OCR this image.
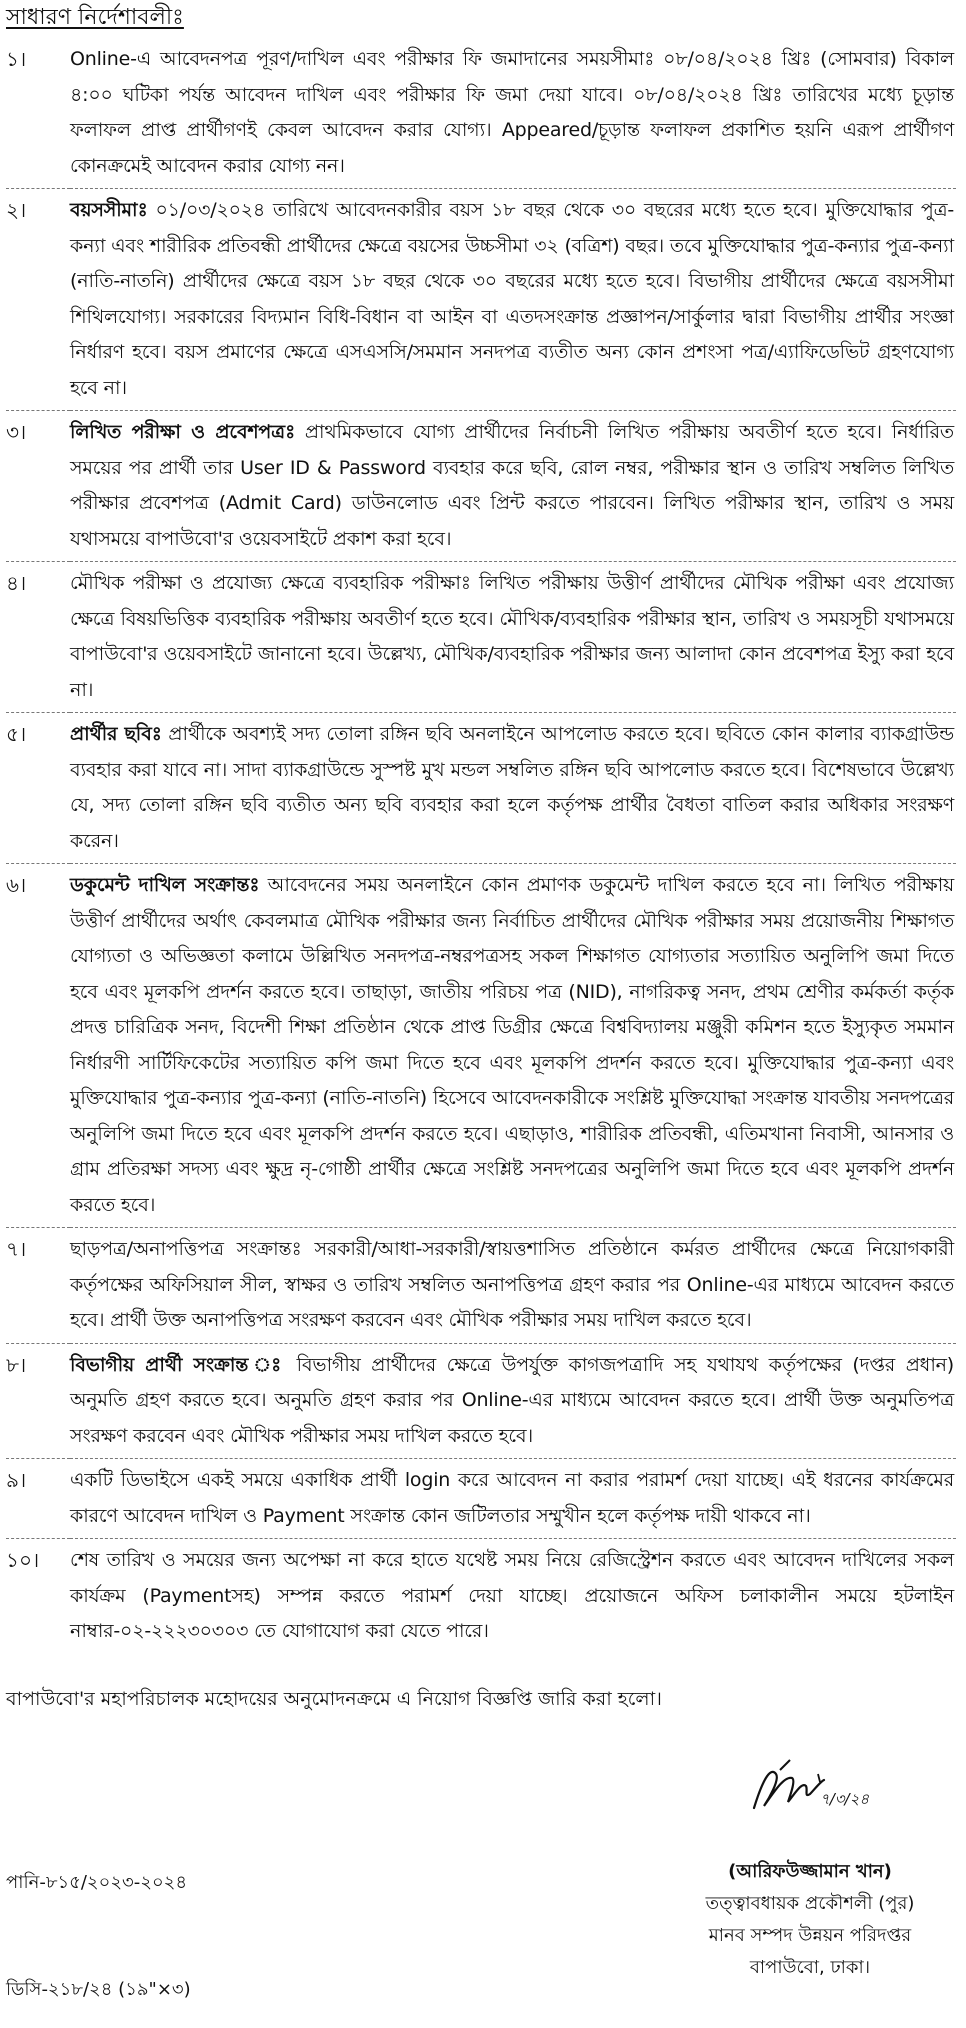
সাধারণ নির্দেশাবলীঃ
১।	Online-এ আবেদনপত্র পূরণ/দাখিল এবং পরীক্ষার ফি জমাদানের সময়সীমাঃ ০৮/০৪/২০২৪ খ্রিঃ (সোমবার) বিকাল ৪:০০ ঘটিকা পর্যন্ত আবেদন দাখিল এবং পরীক্ষার ফি জমা দেয়া যাবে। ০৮/০৪/২০২৪ খ্রিঃ তারিখের মধ্যে চূড়ান্ত ফলাফল প্রাপ্ত প্রার্থীগণই কেবল আবেদন করার যোগ্য। Appeared/চূড়ান্ত ফলাফল প্রকাশিত হয়নি এরূপ প্রার্থীগণ কোনক্রমেই আবেদন করার যোগ্য নন।
২।	বয়সসীমাঃ ০১/০৩/২০২৪ তারিখে আবেদনকারীর বয়স ১৮ বছর থেকে ৩০ বছরের মধ্যে হতে হবে। মুক্তিযোদ্ধার পুত্র-কন্যা এবং শারীরিক প্রতিবন্ধী প্রার্থীদের ক্ষেত্রে বয়সের উচ্চসীমা ৩২ (বত্রিশ) বছর। তবে মুক্তিযোদ্ধার পুত্র-কন্যার পুত্র-কন্যা (নাতি-নাতনি) প্রার্থীদের ক্ষেত্রে বয়স ১৮ বছর থেকে ৩০ বছরের মধ্যে হতে হবে। বিভাগীয় প্রার্থীদের ক্ষেত্রে বয়সসীমা শিথিলযোগ্য। সরকারের বিদ্যমান বিধি-বিধান বা আইন বা এতদসংক্রান্ত প্রজ্ঞাপন/সার্কুলার দ্বারা বিভাগীয় প্রার্থীর সংজ্ঞা নির্ধারণ হবে। বয়স প্রমাণের ক্ষেত্রে এসএসসি/সমমান সনদপত্র ব্যতীত অন্য কোন প্রশংসা পত্র/এ্যাফিডেভিট গ্রহণযোগ্য হবে না।
৩।	লিখিত পরীক্ষা ও প্রবেশপত্রঃ প্রাথমিকভাবে যোগ্য প্রার্থীদের নির্বাচনী লিখিত পরীক্ষায় অবতীর্ণ হতে হবে। নির্ধারিত সময়ের পর প্রার্থী তার User ID & Password ব্যবহার করে ছবি, রোল নম্বর, পরীক্ষার স্থান ও তারিখ সম্বলিত লিখিত পরীক্ষার প্রবেশপত্র (Admit Card) ডাউনলোড এবং প্রিন্ট করতে পারবেন। লিখিত পরীক্ষার স্থান, তারিখ ও সময় যথাসময়ে বাপাউবো'র ওয়েবসাইটে প্রকাশ করা হবে।
৪।	মৌখিক পরীক্ষা ও প্রযোজ্য ক্ষেত্রে ব্যবহারিক পরীক্ষাঃ লিখিত পরীক্ষায় উত্তীর্ণ প্রার্থীদের মৌখিক পরীক্ষা এবং প্রযোজ্য ক্ষেত্রে বিষয়ভিত্তিক ব্যবহারিক পরীক্ষায় অবতীর্ণ হতে হবে। মৌখিক/ব্যবহারিক পরীক্ষার স্থান, তারিখ ও সময়সূচী যথাসময়ে বাপাউবো'র ওয়েবসাইটে জানানো হবে। উল্লেখ্য, মৌখিক/ব্যবহারিক পরীক্ষার জন্য আলাদা কোন প্রবেশপত্র ইস্যু করা হবে না।
৫।	প্রার্থীর ছবিঃ প্রার্থীকে অবশ্যই সদ্য তোলা রঙ্গিন ছবি অনলাইনে আপলোড করতে হবে। ছবিতে কোন কালার ব্যাকগ্রাউন্ড ব্যবহার করা যাবে না। সাদা ব্যাকগ্রাউন্ডে সুস্পষ্ট মুখ মন্ডল সম্বলিত রঙ্গিন ছবি আপলোড করতে হবে। বিশেষভাবে উল্লেখ্য যে, সদ্য তোলা রঙ্গিন ছবি ব্যতীত অন্য ছবি ব্যবহার করা হলে কর্তৃপক্ষ প্রার্থীর বৈধতা বাতিল করার অধিকার সংরক্ষণ করেন।
৬।	ডকুমেন্ট দাখিল সংক্রান্তঃ আবেদনের সময় অনলাইনে কোন প্রমাণক ডকুমেন্ট দাখিল করতে হবে না। লিখিত পরীক্ষায় উত্তীর্ণ প্রার্থীদের অর্থাৎ কেবলমাত্র মৌখিক পরীক্ষার জন্য নির্বাচিত প্রার্থীদের মৌখিক পরীক্ষার সময় প্রয়োজনীয় শিক্ষাগত যোগ্যতা ও অভিজ্ঞতা কলামে উল্লিখিত সনদপত্র-নম্বরপত্রসহ সকল শিক্ষাগত যোগ্যতার সত্যায়িত অনুলিপি জমা দিতে হবে এবং মূলকপি প্রদর্শন করতে হবে। তাছাড়া, জাতীয় পরিচয় পত্র (NID), নাগরিকত্ব সনদ, প্রথম শ্রেণীর কর্মকর্তা কর্তৃক প্রদত্ত চারিত্রিক সনদ, বিদেশী শিক্ষা প্রতিষ্ঠান থেকে প্রাপ্ত ডিগ্রীর ক্ষেত্রে বিশ্ববিদ্যালয় মঞ্জুরী কমিশন হতে ইস্যুকৃত সমমান নির্ধারণী সার্টিফিকেটের সত্যায়িত কপি জমা দিতে হবে এবং মূলকপি প্রদর্শন করতে হবে। মুক্তিযোদ্ধার পুত্র-কন্যা এবং মুক্তিযোদ্ধার পুত্র-কন্যার পুত্র-কন্যা (নাতি-নাতনি) হিসেবে আবেদনকারীকে সংশ্লিষ্ট মুক্তিযোদ্ধা সংক্রান্ত যাবতীয় সনদপত্রের অনুলিপি জমা দিতে হবে এবং মূলকপি প্রদর্শন করতে হবে। এছাড়াও, শারীরিক প্রতিবন্ধী, এতিমখানা নিবাসী, আনসার ও গ্রাম প্রতিরক্ষা সদস্য এবং ক্ষুদ্র নৃ-গোষ্ঠী প্রার্থীর ক্ষেত্রে সংশ্লিষ্ট সনদপত্রের অনুলিপি জমা দিতে হবে এবং মূলকপি প্রদর্শন করতে হবে।
৭।	ছাড়পত্র/অনাপত্তিপত্র সংক্রান্তঃ সরকারী/আধা-সরকারী/স্বায়ত্তশাসিত প্রতিষ্ঠানে কর্মরত প্রার্থীদের ক্ষেত্রে নিয়োগকারী কর্তৃপক্ষের অফিসিয়াল সীল, স্বাক্ষর ও তারিখ সম্বলিত অনাপত্তিপত্র গ্রহণ করার পর Online-এর মাধ্যমে আবেদন করতে হবে। প্রার্থী উক্ত অনাপত্তিপত্র সংরক্ষণ করবেন এবং মৌখিক পরীক্ষার সময় দাখিল করতে হবে।
৮।	বিভাগীয় প্রার্থী সংক্রান্ত ঃ বিভাগীয় প্রার্থীদের ক্ষেত্রে উপর্যুক্ত কাগজপত্রাদি সহ যথাযথ কর্তৃপক্ষের (দপ্তর প্রধান) অনুমতি গ্রহণ করতে হবে। অনুমতি গ্রহণ করার পর Online-এর মাধ্যমে আবেদন করতে হবে। প্রার্থী উক্ত অনুমতিপত্র সংরক্ষণ করবেন এবং মৌখিক পরীক্ষার সময় দাখিল করতে হবে।
৯।	একটি ডিভাইসে একই সময়ে একাধিক প্রার্থী login করে আবেদন না করার পরামর্শ দেয়া যাচ্ছে। এই ধরনের কার্যক্রমের কারণে আবেদন দাখিল ও Payment সংক্রান্ত কোন জটিলতার সম্মুখীন হলে কর্তৃপক্ষ দায়ী থাকবে না।
১০।	শেষ তারিখ ও সময়ের জন্য অপেক্ষা না করে হাতে যথেষ্ট সময় নিয়ে রেজিস্ট্রেশন করতে এবং আবেদন দাখিলের সকল কার্যক্রম (Paymentসহ) সম্পন্ন করতে পরামর্শ দেয়া যাচ্ছে। প্রয়োজনে অফিস চলাকালীন সময়ে হটলাইন নাম্বার-০২-২২২৩০৩০৩ তে যোগাযোগ করা যেতে পারে।
বাপাউবো'র মহাপরিচালক মহোদয়ের অনুমোদনক্রমে এ নিয়োগ বিজ্ঞপ্তি জারি করা হলো।
৭/৩/২৪
পানি-৮১৫/২০২৩-২০২৪
ডিসি-২১৮/২৪ (১৯"×৩)
(আরিফউজ্জামান খান)
তত্ত্বাবধায়ক প্রকৌশলী (পুর)
মানব সম্পদ উন্নয়ন পরিদপ্তর
বাপাউবো, ঢাকা।
